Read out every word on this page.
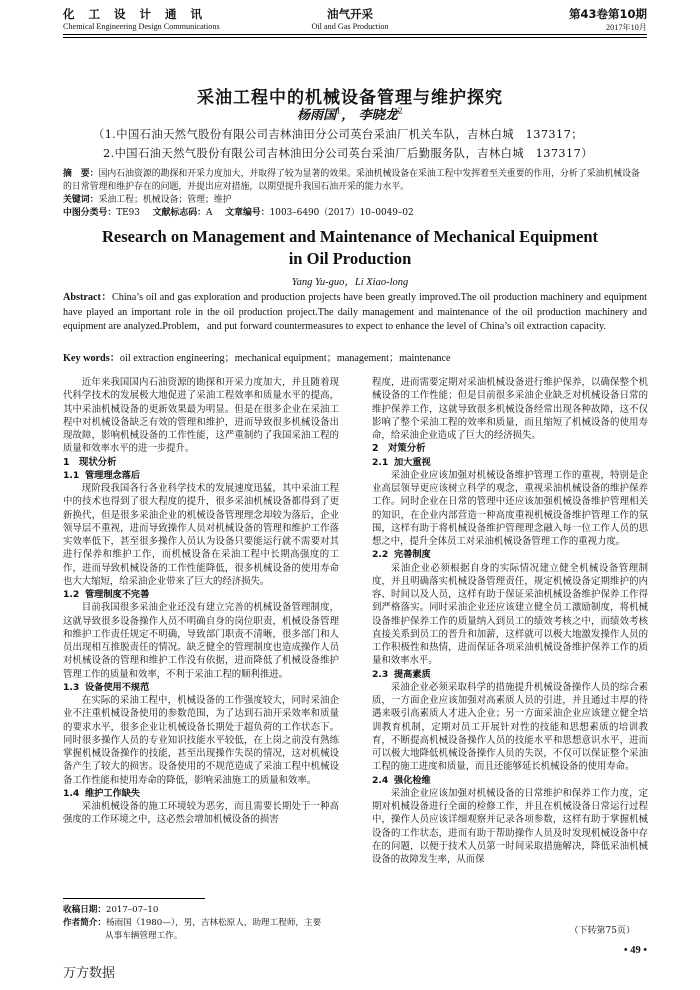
化 工 设 计 通 讯
Chemical Engineering Design Communications
油气开采
Oil and Gas Production
第43卷第10期
2017年10月
采油工程中的机械设备管理与维护探究
杨雨国$^1$， 李晓龙$^2$
（1.中国石油天然气股份有限公司吉林油田分公司英台采油厂机关车队，吉林白城　137317；
2.中国石油天然气股份有限公司吉林油田分公司英台采油厂后勤服务队，吉林白城　137317）
摘　要：国内石油资源的勘探和开采力度加大，并取得了较为显著的效果。采油机械设备在采油工程中发挥着至关重要的作用，分析了采油机械设备的日常管理和维护存在的问题，并提出应对措施，以期望提升我国石油开采的能力水平。
关键词：采油工程；机械设备；管理；维护
中图分类号：TE93 文献标志码：A 文章编号：1003–6490（2017）10–0049–02
Research on Management and Maintenance of Mechanical Equipment
in Oil Production
Yang Yu-guo，Li Xiao-long
Abstract：China’s oil and gas exploration and production projects have been greatly improved.The oil production machinery and equipment have played an important role in the oil production project.The daily management and maintenance of the oil production machinery and equipment are analyzed.Problem，and put forward countermeasures to expect to enhance the level of China’s oil extraction capacity.
Key words：oil extraction engineering；mechanical equipment；management；maintenance

近年来我国国内石油资源的勘探和开采力度加大，并且随着现代科学技术的发展极大地促进了采油工程效率和质量水平的提高，其中采油机械设备的更新效果最为明显。但是在很多企业在采油工程中对机械设备缺乏有效的管理和维护，进而导致很多机械设备出现故障，影响机械设备的工作性能，这严重制约了我国采油工程的质量和效率水平的进一步提升。

1 现状分析
1.1 管理理念落后

现阶段我国各行各业科学技术的发展速度迅猛，其中采油工程中的技术也得到了很大程度的提升，很多采油机械设备都得到了更新换代，但是很多采油企业的机械设备管理理念却较为落后，企业领导层不重视，进而导致操作人员对机械设备的管理和维护工作落实效率低下，甚至很多操作人员认为设备只要能运行就不需要对其进行保养和维护工作，而机械设备在采油工程中长期高强度的工作，进而导致机械设备的工作性能降低，很多机械设备的使用寿命也大大缩短，给采油企业带来了巨大的经济损失。

1.2 管理制度不完善

目前我国很多采油企业还没有建立完善的机械设备管理制度，这就导致很多设备操作人员不明确自身的岗位职责，机械设备管理和维护工作责任规定不明确，导致部门职责不清晰，很多部门和人员出现相互推脱责任的情况。缺乏健全的管理制度也造成操作人员对机械设备的管理和维护工作没有依据，进而降低了机械设备维护管理工作的质量和效率，不利于采油工程的顺利推进。

1.3 设备使用不规范

在实际的采油工程中，机械设备的工作强度较大，同时采油企业不注重机械设备使用的参数范围，为了达到石油开采效率和质量的要求水平，很多企业让机械设备长期处于超负荷的工作状态下。同时很多操作人员的专业知识技能水平较低，在上岗之前没有熟练掌握机械设备操作的技能，甚至出现操作失误的情况，这对机械设备产生了较大的损害。设备使用的不规范造成了采油工程中机械设备工作性能和使用寿命的降低，影响采油施工的质量和效率。

1.4 维护工作缺失

采油机械设备的施工环境较为恶劣，而且需要长期处于一种高强度的工作环境之中，这必然会增加机械设备的损害

程度，进而需要定期对采油机械设备进行维护保养，以确保整个机械设备的工作性能；但是目前很多采油企业缺乏对机械设备日常的维护保养工作，这就导致很多机械设备经常出现各种故障，这不仅影响了整个采油工程的效率和质量，而且缩短了机械设备的使用寿命，给采油企业造成了巨大的经济损失。

2 对策分析
2.1 加大重视

采油企业应该加强对机械设备维护管理工作的重视，特别是企业高层领导更应该树立科学的观念，重视采油机械设备的维护保养工作。同时企业在日常的管理中还应该加强机械设备维护管理相关的知识，在企业内部营造一种高度重视机械设备维护管理工作的氛围，这样有助于将机械设备维护管理理念融入每一位工作人员的思想之中，提升全体员工对采油机械设备管理工作的重视力度。

2.2 完善制度

采油企业必须根据自身的实际情况建立健全机械设备管理制度，并且明确落实机械设备管理责任，规定机械设备定期维护的内容、时间以及人员，这样有助于保证采油机械设备维护保养工作得到严格落实。同时采油企业还应该建立健全员工激励制度，将机械设备维护保养工作的质量纳入到员工的绩效考核之中，而绩效考核直接关系到员工的晋升和加薪，这样就可以极大地激发操作人员的工作积极性和热情，进而保证各项采油机械设备维护保养工作的质量和效率水平。

2.3 提高素质

采油企业必须采取科学的措施提升机械设备操作人员的综合素质，一方面企业应该加强对高素质人员的引进，并且通过丰厚的待遇来吸引高素质人才进入企业；另一方面采油企业应该建立健全培训教育机制，定期对员工开展针对性的技能和思想素质的培训教育，不断提高机械设备操作人员的技能水平和思想意识水平，进而可以极大地降低机械设备操作人员的失误，不仅可以保证整个采油工程的施工进度和质量，而且还能够延长机械设备的使用寿命。

2.4 强化检维

采油企业应该加强对机械设备的日常维护和保养工作力度，定期对机械设备进行全面的检修工作，并且在机械设备日常运行过程中，操作人员应该详细观察并记录各项参数，这样有助于掌握机械设备的工作状态，进而有助于帮助操作人员及时发现机械设备中存在的问题，以便于技术人员第一时间采取措施解决，降低采油机械设备的故障发生率，从而保

收稿日期：2017–07–10
作者简介：杨雨国（1980—），男，吉林松原人，助理工程师，主要
从事车辆管理工作。	（下转第75页）
• 49 •
万方数据
